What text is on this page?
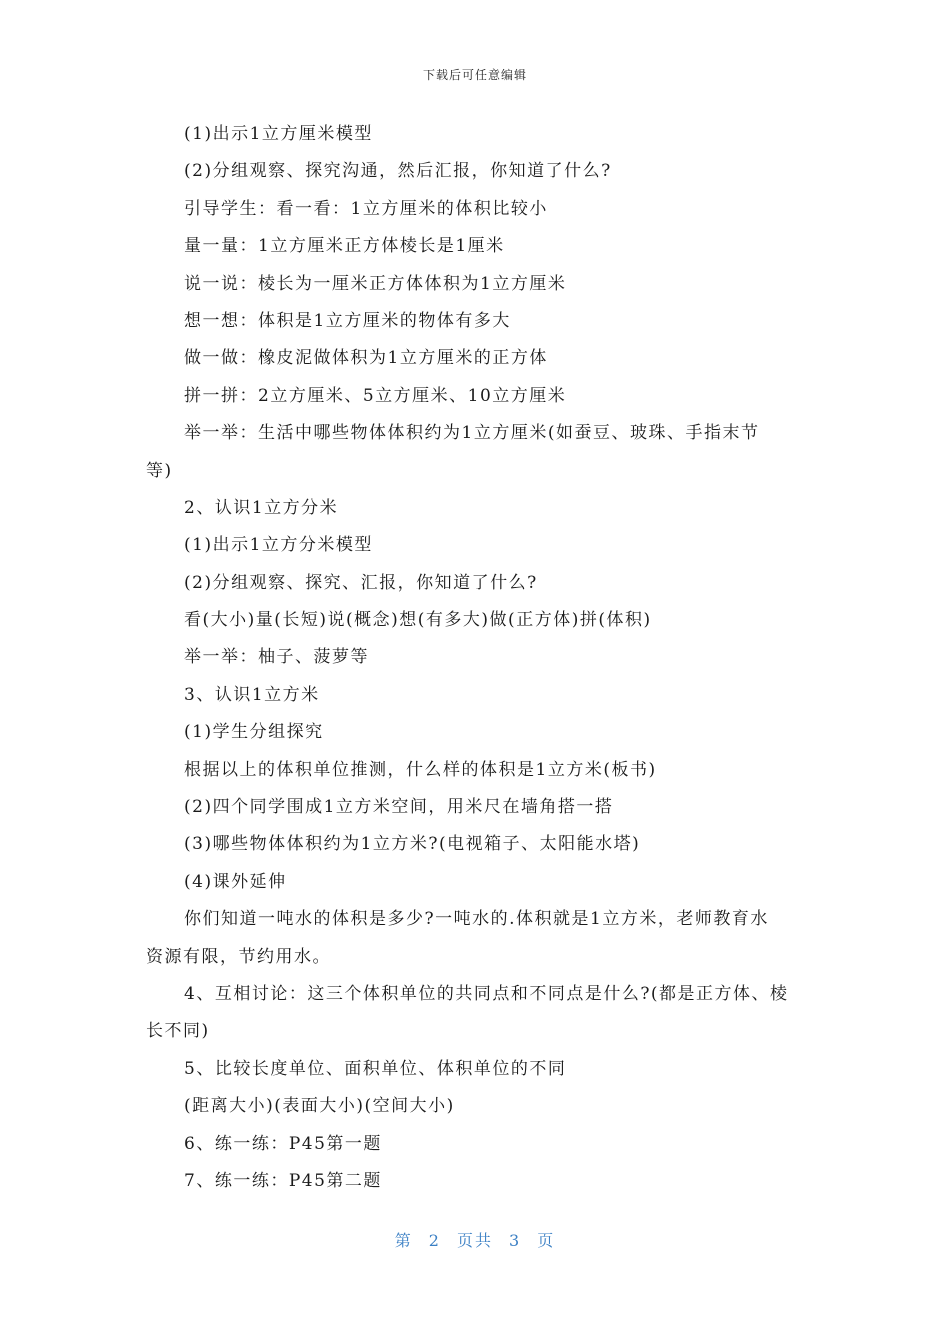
下载后可任意编辑
(1)出示1立方厘米模型
(2)分组观察、探究沟通，然后汇报，你知道了什么?
引导学生：看一看：1立方厘米的体积比较小
量一量：1立方厘米正方体棱长是1厘米
说一说：棱长为一厘米正方体体积为1立方厘米
想一想：体积是1立方厘米的物体有多大
做一做：橡皮泥做体积为1立方厘米的正方体
拼一拼：2立方厘米、5立方厘米、10立方厘米
举一举：生活中哪些物体体积约为1立方厘米(如蚕豆、玻珠、手指末节
等)
2、认识1立方分米
(1)出示1立方分米模型
(2)分组观察、探究、汇报，你知道了什么?
看(大小)量(长短)说(概念)想(有多大)做(正方体)拼(体积)
举一举：柚子、菠萝等
3、认识1立方米
(1)学生分组探究
根据以上的体积单位推测，什么样的体积是1立方米(板书)
(2)四个同学围成1立方米空间，用米尺在墙角搭一搭
(3)哪些物体体积约为1立方米?(电视箱子、太阳能水塔)
(4)课外延伸
你们知道一吨水的体积是多少?一吨水的.体积就是1立方米，老师教育水
资源有限，节约用水。
4、互相讨论：这三个体积单位的共同点和不同点是什么?(都是正方体、棱
长不同)
5、比较长度单位、面积单位、体积单位的不同
(距离大小)(表面大小)(空间大小)
6、练一练：P45第一题
7、练一练：P45第二题
第 2 页共 3 页
